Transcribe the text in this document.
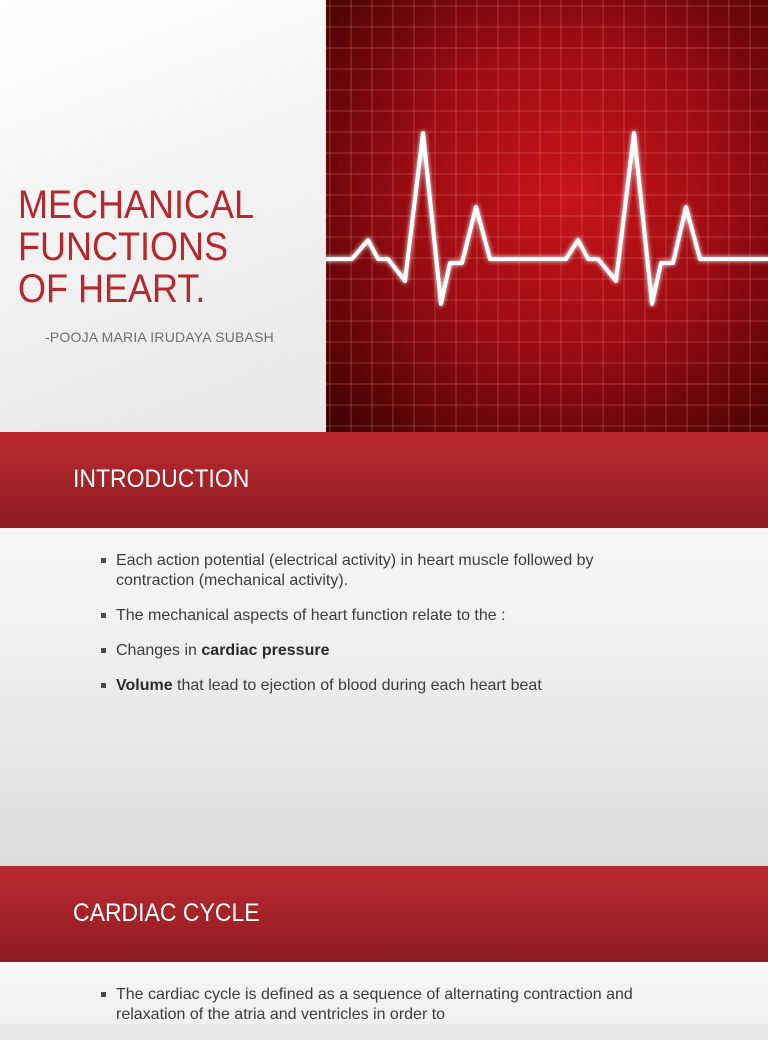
MECHANICAL
FUNCTIONS
OF HEART.
-POOJA MARIA IRUDAYA SUBASH
INTRODUCTION
Each action potential (electrical activity) in heart muscle followed by contraction (mechanical activity).
The mechanical aspects of heart function relate to the :
Changes in cardiac pressure
Volume that lead to ejection of blood during each heart beat
CARDIAC CYCLE
The cardiac cycle is defined as a sequence of alternating contraction and relaxation of the atria and ventricles in order to
